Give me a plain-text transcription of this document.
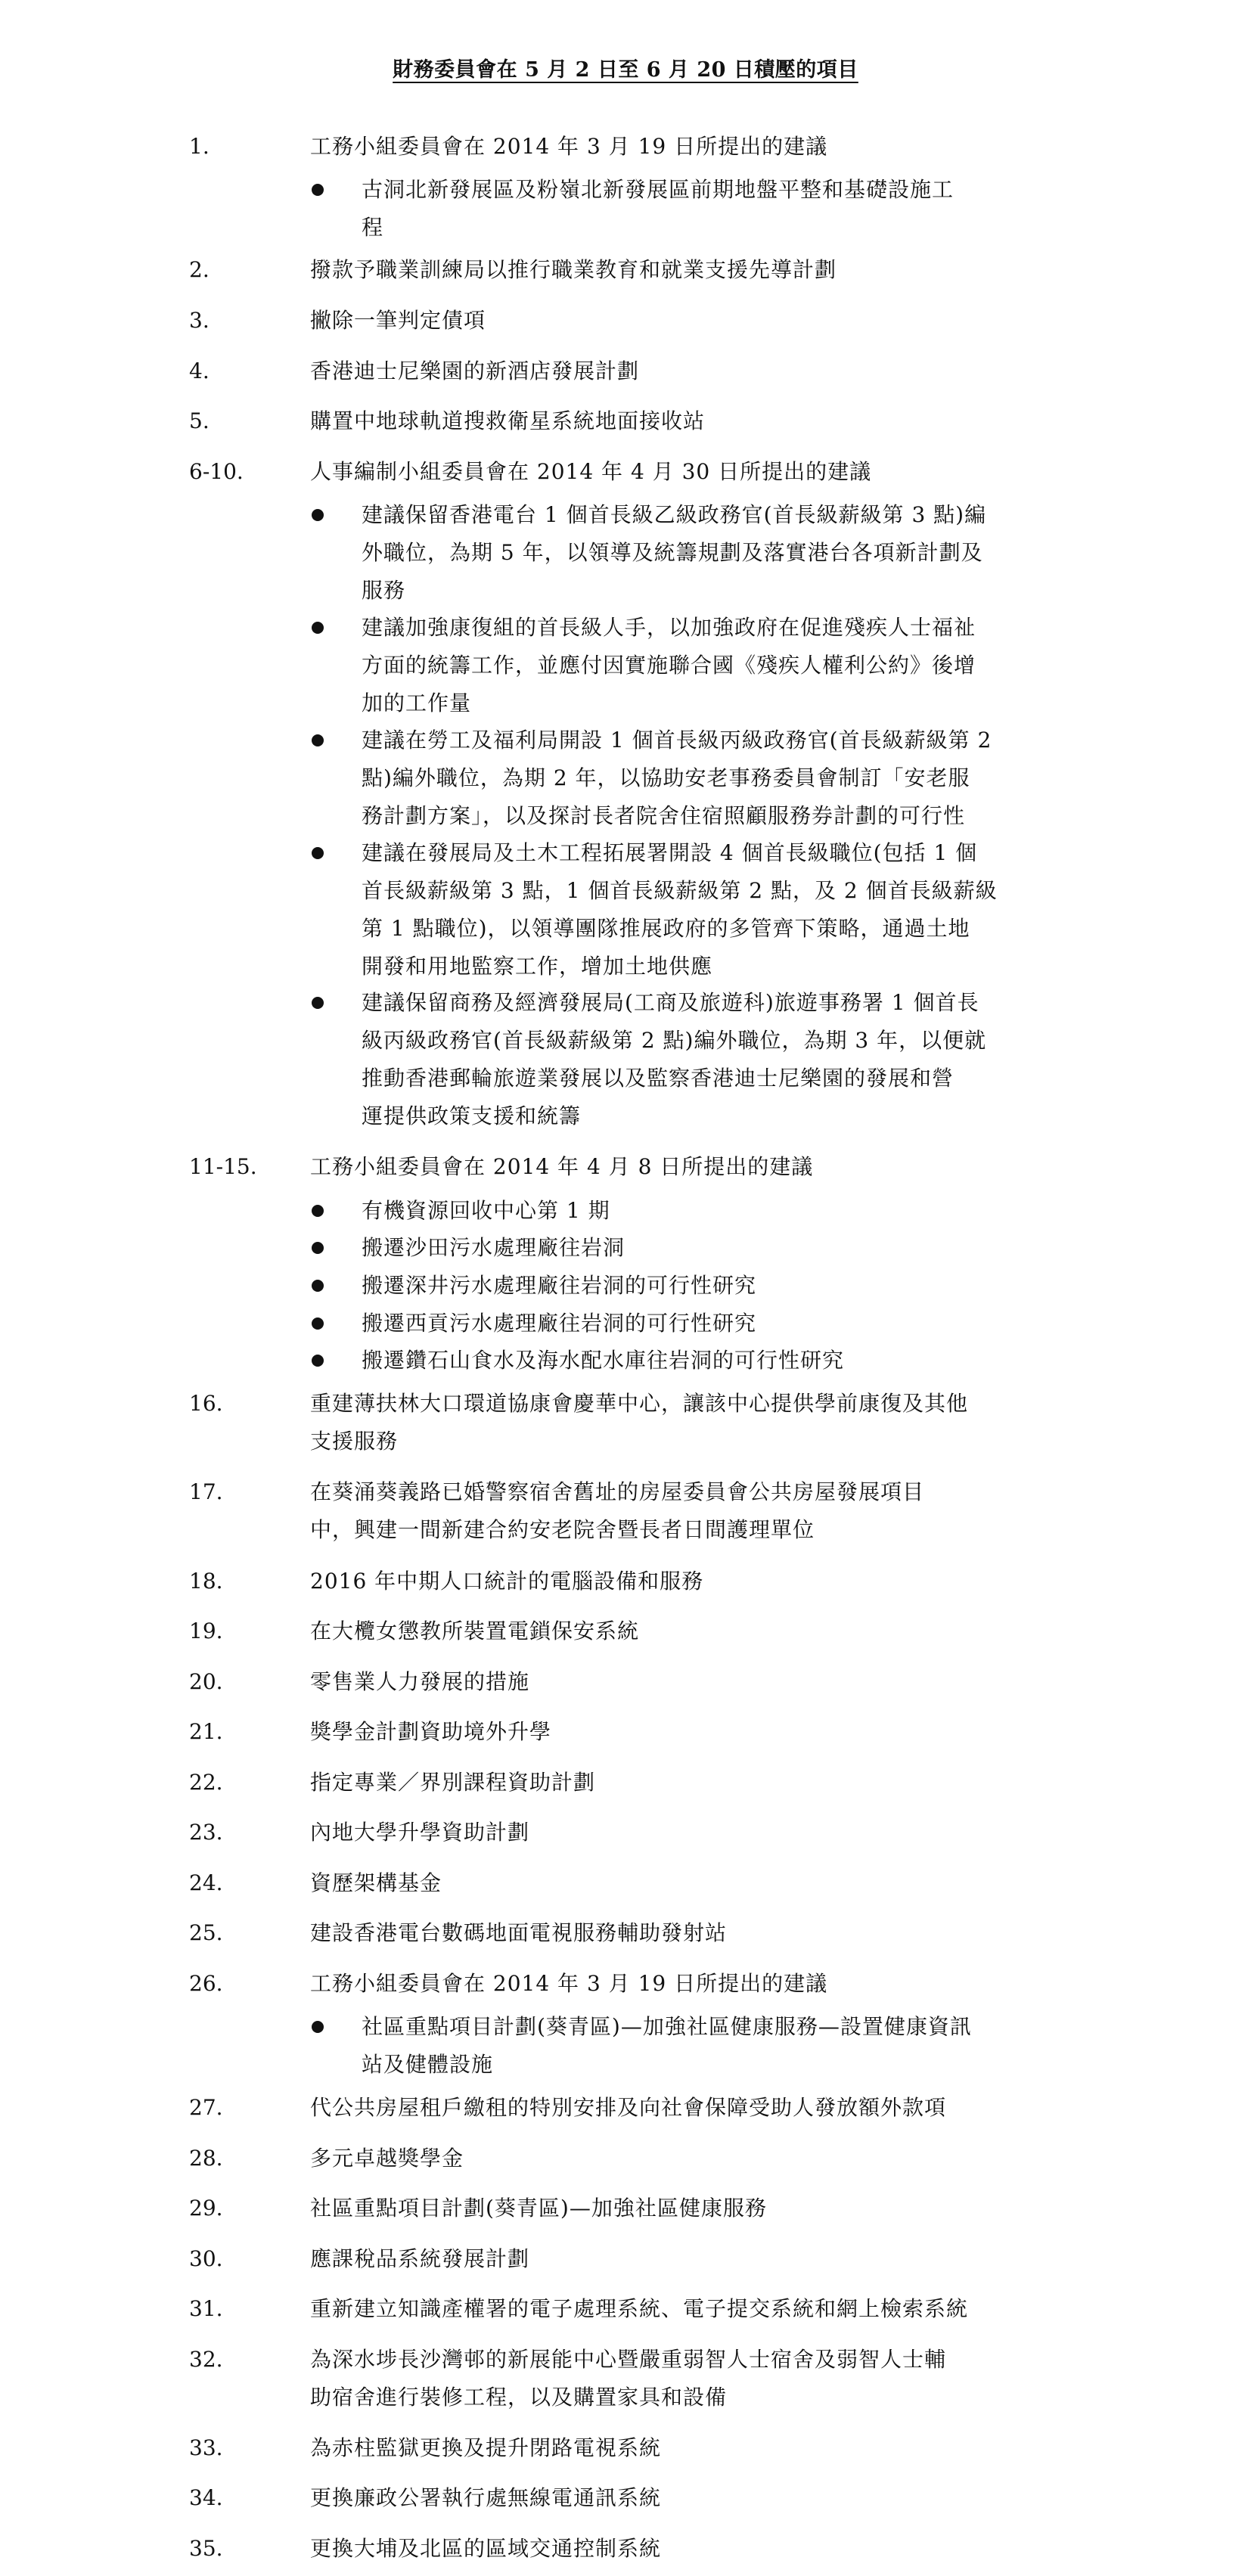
財務委員會在 5 月 2 日至 6 月 20 日積壓的項目
1.	工務小組委員會在 2014 年 3 月 19 日所提出的建議
古洞北新發展區及粉嶺北新發展區前期地盤平整和基礎設施工
程
2.	撥款予職業訓練局以推行職業教育和就業支援先導計劃
3.	撇除一筆判定債項
4.	香港迪士尼樂園的新酒店發展計劃
5.	購置中地球軌道搜救衛星系統地面接收站
6-10.	人事編制小組委員會在 2014 年 4 月 30 日所提出的建議
建議保留香港電台 1 個首長級乙級政務官(首長級薪級第 3 點)編
外職位，為期 5 年，以領導及統籌規劃及落實港台各項新計劃及
服務
建議加強康復組的首長級人手，以加強政府在促進殘疾人士福祉
方面的統籌工作，並應付因實施聯合國《殘疾人權利公約》後增
加的工作量
建議在勞工及福利局開設 1 個首長級丙級政務官(首長級薪級第 2
點)編外職位，為期 2 年，以協助安老事務委員會制訂「安老服
務計劃方案」，以及探討長者院舍住宿照顧服務券計劃的可行性
建議在發展局及土木工程拓展署開設 4 個首長級職位(包括 1 個
首長級薪級第 3 點，1 個首長級薪級第 2 點，及 2 個首長級薪級
第 1 點職位)，以領導團隊推展政府的多管齊下策略，通過土地
開發和用地監察工作，增加土地供應
建議保留商務及經濟發展局(工商及旅遊科)旅遊事務署 1 個首長
級丙級政務官(首長級薪級第 2 點)編外職位，為期 3 年，以便就
推動香港郵輪旅遊業發展以及監察香港迪士尼樂園的發展和營
運提供政策支援和統籌
11-15.	工務小組委員會在 2014 年 4 月 8 日所提出的建議
有機資源回收中心第 1 期
搬遷沙田污水處理廠往岩洞
搬遷深井污水處理廠往岩洞的可行性研究
搬遷西貢污水處理廠往岩洞的可行性研究
搬遷鑽石山食水及海水配水庫往岩洞的可行性研究
16.	重建薄扶林大口環道協康會慶華中心，讓該中心提供學前康復及其他
支援服務
17.	在葵涌葵義路已婚警察宿舍舊址的房屋委員會公共房屋發展項目
中，興建一間新建合約安老院舍暨長者日間護理單位
18.	2016 年中期人口統計的電腦設備和服務
19.	在大欖女懲教所裝置電鎖保安系統
20.	零售業人力發展的措施
21.	獎學金計劃資助境外升學
22.	指定專業／界別課程資助計劃
23.	內地大學升學資助計劃
24.	資歷架構基金
25.	建設香港電台數碼地面電視服務輔助發射站
26.	工務小組委員會在 2014 年 3 月 19 日所提出的建議
社區重點項目計劃(葵青區)—加強社區健康服務—設置健康資訊
站及健體設施
27.	代公共房屋租戶繳租的特別安排及向社會保障受助人發放額外款項
28.	多元卓越獎學金
29.	社區重點項目計劃(葵青區)—加強社區健康服務
30.	應課稅品系統發展計劃
31.	重新建立知識產權署的電子處理系統、電子提交系統和網上檢索系統
32.	為深水埗長沙灣邨的新展能中心暨嚴重弱智人士宿舍及弱智人士輔
助宿舍進行裝修工程，以及購置家具和設備
33.	為赤柱監獄更換及提升閉路電視系統
34.	更換廉政公署執行處無線電通訊系統
35.	更換大埔及北區的區域交通控制系統
